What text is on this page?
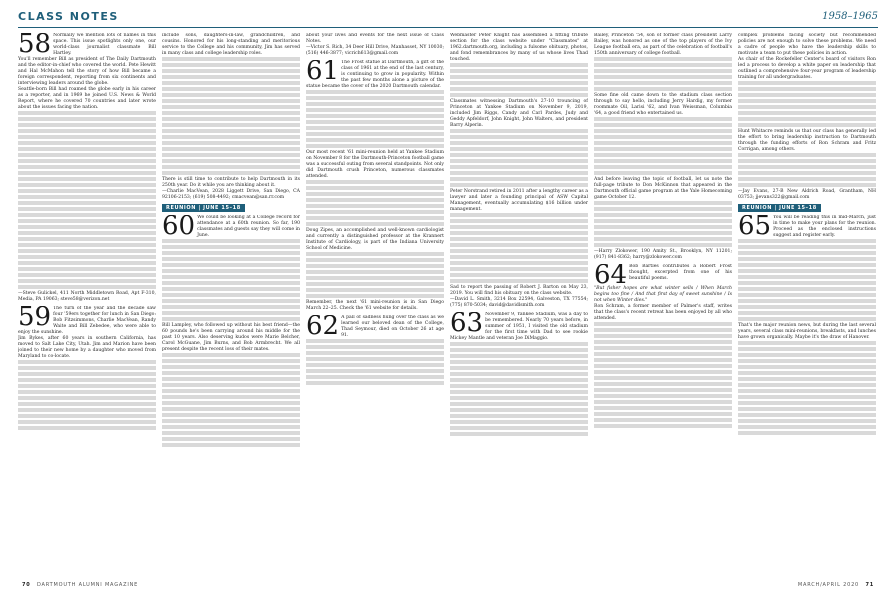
CLASS NOTES	1958–1965
58 Normally we mention lots of names in this space. This issue spotlights only one, our world-class journalist classmate Bill Hartley.

You'll remember Bill as president of The Daily Dartmouth and the editor-in-chief who covered the world. Pete Hewitt and Hal McMahon tell the story of how Bill became a foreign correspondent, reporting from six continents and interviewing leaders around the globe.

Seattle-born Bill had roamed the globe early in his career as a reporter, and in 1969 he joined U.S. News & World Report, where he covered 70 countries and later wrote about the issues facing the nation.

—Steve Gulickel, 411 North Middletown Road, Apt F-310, Media, PA 19063; steve58@verizon.net

59 The turn of the year and the decade saw four '59ers together for lunch in San Diego: Bob Fitzsimmons, Charlie MacVean, Randy Waite and Bill Zebedee, who were able to enjoy the sunshine.

Jim Bykes, after 60 years in southern California, has moved to Salt Lake City, Utah. Jim and Marion have been joined to their new home by a daughter who moved from Maryland to co-locate.

include sons, daughters-in-law, grandchildren, and cousins. Honored for his long-standing and meritorious service to the College and his community, Jim has served in many class and college leadership roles.

There is still time to contribute to help Dartmouth in its 250th year. Do it while you are thinking about it.

—Charlie MacVean, 2028 Liggett Drive, San Diego, CA 92106-2153; (619) 508-4492; cmacvean@san.rr.com

REUNION | JUNE 15–18
60 We could be looking at a College record for attendance at a 60th reunion. So far, 190 classmates and guests say they will come in June.

Bill Lampley, who followed up without his best friend—the 60 pounds he's been carrying around his middle for the past 10 years. Also deserving kudos were Marie Belcher, Carol McGuane, Jim Burns, and Bob Armbrecht. We all present despite the recent loss of their mates.

about your lives and events for the next issue of Class Notes.

—Victor S. Rich, 34 Deer Hill Drive, Manhasset, NY 10030; (516) 446-3877; vicrich613@gmail.com

61 The Frost statue at Dartmouth, a gift of the class of 1961 at the end of the last century, is continuing to grow in popularity. Within the past few months alone a picture of the statue became the cover of the 2020 Dartmouth calendar.

Our most recent '61 mini-reunion held at Yankee Stadium on November 8 for the Dartmouth-Princeton football game was a successful outing from several standpoints. Not only did Dartmouth crush Princeton, numerous classmates attended.

Doug Zipes, an accomplished and well-known cardiologist and currently a distinguished professor at the Krannert Institute of Cardiology, is part of the Indiana University School of Medicine.

Remember, the next '61 mini-reunion is in San Diego March 22–25. Check the '61 website for details.

62 A pall of sadness hung over the class as we learned our beloved dean of the College, Thad Seymour, died on October 26 at age 91.

Webmaster Peter Knight has assembled a fitting tribute section for the class website under "Classmates" at 1962.dartmouth.org, including a fulsome obituary, photos, and fond remembrances by many of us whose lives Thad touched.

Classmates witnessing Dartmouth's 27-10 trouncing of Princeton at Yankee Stadium on November 9, 2019, included Jim Riggs, Candy and Carl Pardes, Judy and Geddy Apfeldorf, John Knight, John Walters, and president Barry Alperin.

Peter Norstrand retired in 2011 after a lengthy career as a lawyer and later a founding principal of ASW Capital Management, eventually accumulating $16 billion under management.

Sad to report the passing of Robert J. Barton on May 23, 2019. You will find his obituary on the class website.

—David L. Smith, 3214 Box 22594, Galveston, TX 77554; (775) 870-5034; david@davidlsmith.com

63 November 9, Yankee Stadium, was a day to be remembered. Nearly 70 years before, in summer of 1951, I visited the old stadium for the first time with Dad to see rookie Mickey Mantle and veteran Joe DiMaggio.

Bailey, Princeton '54, son of former class president Larry Bailey, was honored as one of the top players of the Ivy League football era, as part of the celebration of football's 150th anniversary of college football.

Some fine old came down to the stadium class section through to say hello, including Jerry Hardig, my former roommate Oil, Larisi '62, and Ivan Weissman, Columbia '64, a good friend who entertained us.

And before leaving the topic of football, let us note the full-page tribute to Don McKinnon that appeared in the Dartmouth official game program at the Yale Homecoming game October 12.

—Harry Zlokower, 190 Amity St., Brooklyn, NY 11201; (917) 841-8362; harry@zlokower.com

64 Bob Bartles contributes a Robert Frost thought, excerpted from one of his beautiful poems.

"But fisher hopes are what winter sells / When March begins too fine / And that first day of sweet sunshine / Is not when Winter dies."

Ron Schram, a former member of Palmer's staff, writes that the class's recent retreat has been enjoyed by all who attended.

complex problems facing society but recommended policies are not enough to solve these problems. We need a cadre of people who have the leadership skills to motivate a team to put these policies in action.

As chair of the Rockefeller Center's board of visitors Ron led a process to develop a white paper on leadership that outlined a comprehensive four-year program of leadership training for all undergraduates.

Hunt Whitacre reminds us that our class has generally led the effort to bring leadership instruction to Dartmouth through the funding efforts of Ron Schram and Fritz Corrigan, among others.

—Jay Evans, 27-B New Aldrich Road, Grantham, NH 03753; jjevans322@gmail.com

REUNION | JUNE 15–18
65 You will be reading this in mid-March, just in time to make your plans for the reunion. Proceed as the enclosed instructions suggest and register early.

That's the major reunion news, but during the last several years, several class mini-reunions, breakfasts, and lunches have grown organically. Maybe it's the draw of Hanover.

70 DARTMOUTH ALUMNI MAGAZINE	MARCH/APRIL 2020 71
